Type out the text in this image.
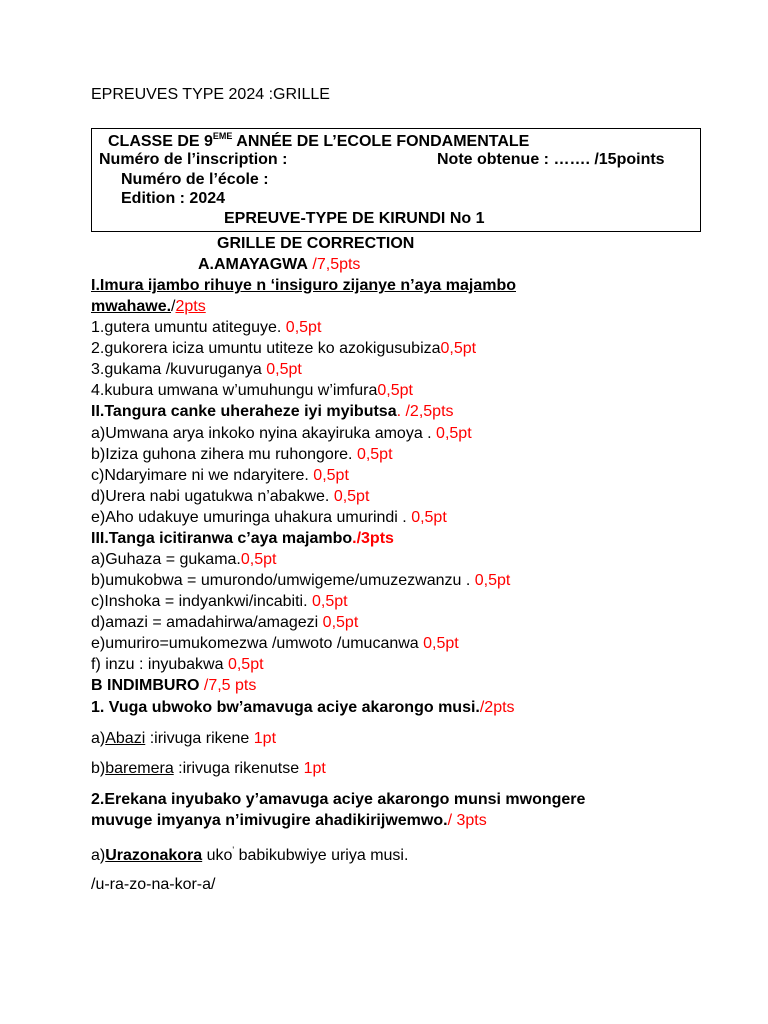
EPREUVES TYPE 2024 :GRILLE
CLASSE DE 9EME ANNÉE DE L’ECOLE FONDAMENTALE
Numéro de l’inscription :	Note obtenue : ……. /15points
Numéro de l’école :
Edition : 2024
EPREUVE-TYPE DE KIRUNDI No 1
GRILLE DE CORRECTION
A.AMAYAGWA /7,5pts
I.Imura ijambo rihuye n ‘insiguro zijanye n’aya majambo
mwahawe./2pts
1.gutera umuntu atiteguye. 0,5pt
2.gukorera iciza umuntu utiteze ko azokigusubiza0,5pt
3.gukama /kuvuruganya 0,5pt
4.kubura umwana w’umuhungu w’imfura0,5pt
II.Tangura canke uheraheze iyi myibutsa. /2,5pts
a)Umwana arya inkoko nyina akayiruka amoya . 0,5pt
b)Iziza guhona zihera mu ruhongore. 0,5pt
c)Ndaryimare ni we ndaryitere. 0,5pt
d)Urera nabi ugatukwa n’abakwe. 0,5pt
e)Aho udakuye umuringa uhakura umurindi . 0,5pt
III.Tanga icitiranwa c’aya majambo./3pts
a)Guhaza = gukama.0,5pt
b)umukobwa = umurondo/umwigeme/umuzezwanzu . 0,5pt
c)Inshoka = indyankwi/incabiti. 0,5pt
d)amazi = amadahirwa/amagezi 0,5pt
e)umuriro=umukomezwa /umwoto /umucanwa 0,5pt
f) inzu : inyubakwa 0,5pt
B INDIMBURO /7,5 pts
1. Vuga ubwoko bw’amavuga aciye akarongo musi./2pts
a)Abazi :irivuga rikene 1pt
b)baremera :irivuga rikenutse 1pt
2.Erekana inyubako y’amavuga aciye akarongo munsi mwongere
muvuge imyanya n’imivugire ahadikirijwemwo./ 3pts
a)Urazonakora uko' babikubwiye uriya musi.
/u-ra-zo-na-kor-a/
